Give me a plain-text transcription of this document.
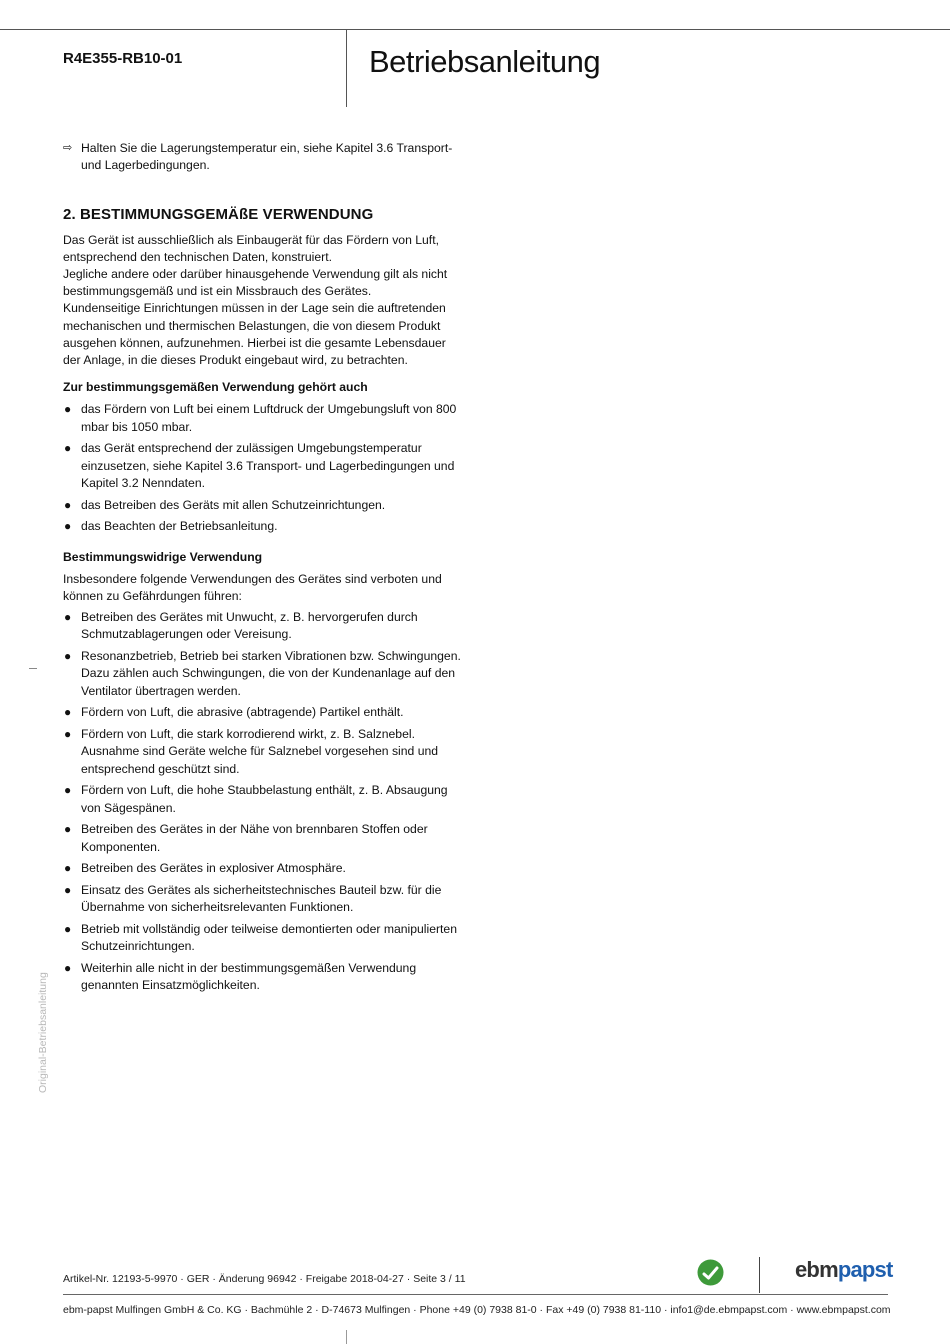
R4E355-RB10-01	Betriebsanleitung

⇨ Halten Sie die Lagerungstemperatur ein, siehe Kapitel 3.6 Transport- und Lagerbedingungen.

2. BESTIMMUNGSGEMÄßE VERWENDUNG

Das Gerät ist ausschließlich als Einbaugerät für das Fördern von Luft, entsprechend den technischen Daten, konstruiert.

Jegliche andere oder darüber hinausgehende Verwendung gilt als nicht bestimmungsgemäß und ist ein Missbrauch des Gerätes.

Kundenseitige Einrichtungen müssen in der Lage sein die auftretenden mechanischen und thermischen Belastungen, die von diesem Produkt ausgehen können, aufzunehmen. Hierbei ist die gesamte Lebensdauer der Anlage, in die dieses Produkt eingebaut wird, zu betrachten.

Zur bestimmungsgemäßen Verwendung gehört auch
● das Fördern von Luft bei einem Luftdruck der Umgebungsluft von 800 mbar bis 1050 mbar.
● das Gerät entsprechend der zulässigen Umgebungstemperatur einzusetzen, siehe Kapitel 3.6 Transport- und Lagerbedingungen und Kapitel 3.2 Nenndaten.
● das Betreiben des Geräts mit allen Schutzeinrichtungen.
● das Beachten der Betriebsanleitung.
Bestimmungswidrige Verwendung

Insbesondere folgende Verwendungen des Gerätes sind verboten und können zu Gefährdungen führen:

● Betreiben des Gerätes mit Unwucht, z. B. hervorgerufen durch Schmutzablagerungen oder Vereisung.
● Resonanzbetrieb, Betrieb bei starken Vibrationen bzw. Schwingungen. Dazu zählen auch Schwingungen, die von der Kundenanlage auf den Ventilator übertragen werden.
● Fördern von Luft, die abrasive (abtragende) Partikel enthält.
● Fördern von Luft, die stark korrodierend wirkt, z. B. Salznebel. Ausnahme sind Geräte welche für Salznebel vorgesehen sind und entsprechend geschützt sind.
● Fördern von Luft, die hohe Staubbelastung enthält, z. B. Absaugung von Sägespänen.
● Betreiben des Gerätes in der Nähe von brennbaren Stoffen oder Komponenten.
● Betreiben des Gerätes in explosiver Atmosphäre.
● Einsatz des Gerätes als sicherheitstechnisches Bauteil bzw. für die Übernahme von sicherheitsrelevanten Funktionen.
● Betrieb mit vollständig oder teilweise demontierten oder manipulierten Schutzeinrichtungen.
● Weiterhin alle nicht in der bestimmungsgemäßen Verwendung genannten Einsatzmöglichkeiten.
Original-Betriebsanleitung
Artikel-Nr. 12193-5-9970 · GER · Änderung 96942 · Freigabe 2018-04-27 · Seite 3 / 11	ebmpapst
ebm-papst Mulfingen GmbH & Co. KG · Bachmühle 2 · D-74673 Mulfingen · Phone +49 (0) 7938 81-0 · Fax +49 (0) 7938 81-110 · info1@de.ebmpapst.com · www.ebmpapst.com
